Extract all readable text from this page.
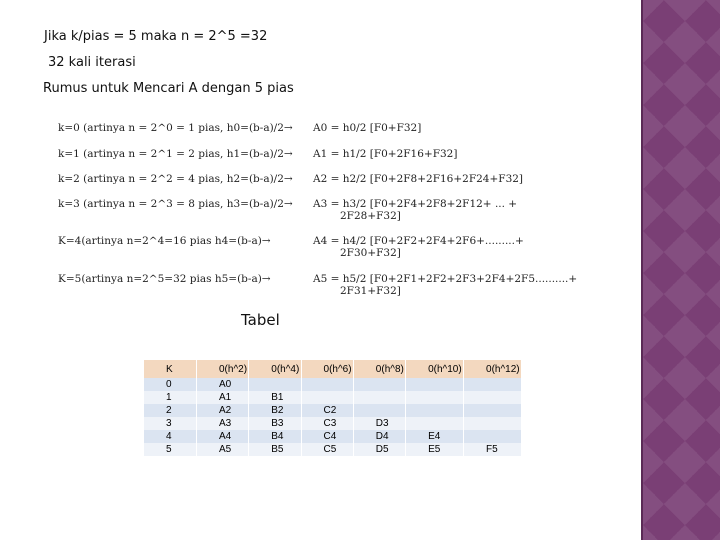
Jika k/pias = 5 maka n = 2^5 =32
32 kali iterasi
Rumus untuk Mencari A dengan 5 pias
k=0 (artinya n = 2^0 = 1 pias, h0=(b-a)/2→ A0 = h0/2 [F0+F32]
k=1 (artinya n = 2^1 = 2 pias, h1=(b-a)/2→ A1 = h1/2 [F0+2F16+F32]
k=2 (artinya n = 2^2 = 4 pias, h2=(b-a)/2→ A2 = h2/2 [F0+2F8+2F16+2F24+F32]
k=3 (artinya n = 2^3 = 8 pias, h3=(b-a)/2→ A3 = h3/2 [F0+2F4+2F8+2F12+ ... +
2F28+F32]
K=4(artinya n=2^4=16 pias h4=(b-a)→	A4 = h4/2 [F0+2F2+2F4+2F6+.........+
2F30+F32]
K=5(artinya n=2^5=32 pias h5=(b-a)→	A5 = h5/2 [F0+2F1+2F2+2F3+2F4+2F5..........+
2F31+F32]
Tabel
K	0(h^2)	0(h^4)	0(h^6)	0(h^8)	0(h^10)	0(h^12)
0	A0					
1	A1	B1				
2	A2	B2	C2			
3	A3	B3	C3	D3		
4	A4	B4	C4	D4	E4	
5	A5	B5	C5	D5	E5	F5
